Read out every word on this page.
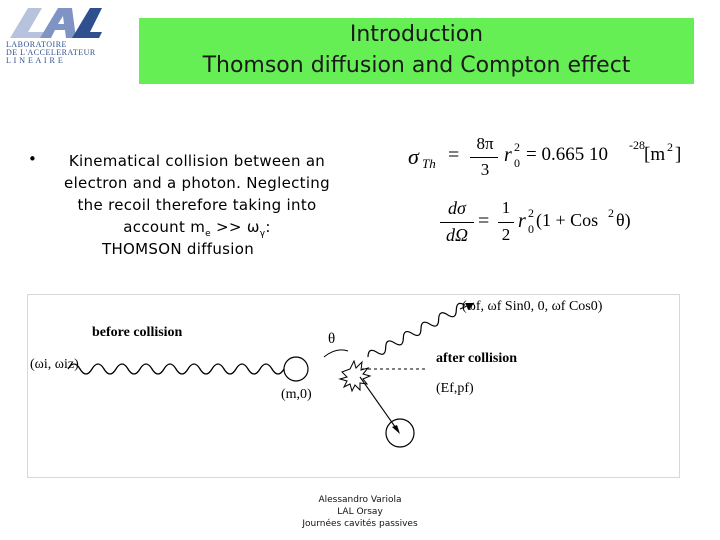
LABORATOIRE
DE L'ACCELERATEUR
L I N E A I R E
Introduction
Thomson diffusion and Compton effect
•	Kinematical collision between an
electron and a photon. Neglecting
the recoil therefore taking into
account $m_e >> \omega_\gamma$:
THOMSON diffusion
σ Th =
8π
3
r 2
0 = 0.665 10 -28 [m 2 ]
dσ
dΩ
=
1
2
r 2
0 (1 + Cos 2 θ)
before collision
(ωi, ωiz)
(m,0)
θ
(ωf, ωf Sin0, 0, ωf Cos0)
after collision
(Ef,pf)
Alessandro Variola
LAL Orsay
Journées cavités passives
